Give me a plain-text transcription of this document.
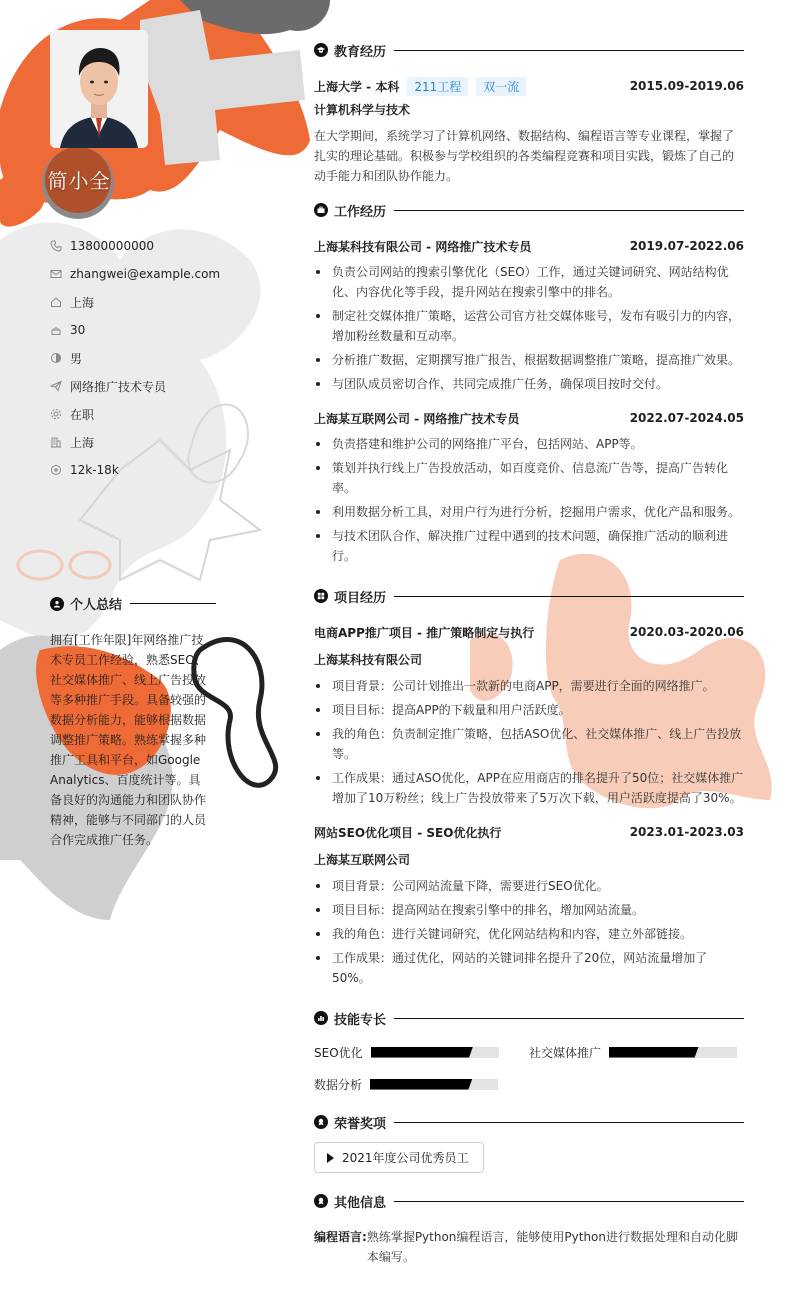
简小全
13800000000
zhangwei@example.com
上海
30
男
网络推广技术专员
在职
上海
12k-18k
个人总结
拥有[工作年限]年网络推广技术专员工作经验，熟悉SEO、社交媒体推广、线上广告投放等多种推广手段。具备较强的数据分析能力，能够根据数据调整推广策略。熟练掌握多种推广工具和平台，如Google Analytics、百度统计等。具备良好的沟通能力和团队协作精神，能够与不同部门的人员合作完成推广任务。
教育经历
上海大学 - 本科	211工程	双一流	2015.09-2019.06
计算机科学与技术
在大学期间，系统学习了计算机网络、数据结构、编程语言等专业课程，掌握了扎实的理论基础。积极参与学校组织的各类编程竞赛和项目实践，锻炼了自己的动手能力和团队协作能力。
工作经历
上海某科技有限公司 - 网络推广技术专员	2019.07-2022.06
负责公司网站的搜索引擎优化（SEO）工作，通过关键词研究、网站结构优化、内容优化等手段，提升网站在搜索引擎中的排名。
制定社交媒体推广策略，运营公司官方社交媒体账号，发布有吸引力的内容，增加粉丝数量和互动率。
分析推广数据，定期撰写推广报告，根据数据调整推广策略，提高推广效果。
与团队成员密切合作，共同完成推广任务，确保项目按时交付。
上海某互联网公司 - 网络推广技术专员	2022.07-2024.05
负责搭建和维护公司的网络推广平台，包括网站、APP等。
策划并执行线上广告投放活动，如百度竞价、信息流广告等，提高广告转化率。
利用数据分析工具，对用户行为进行分析，挖掘用户需求，优化产品和服务。
与技术团队合作，解决推广过程中遇到的技术问题，确保推广活动的顺利进行。
项目经历
电商APP推广项目 - 推广策略制定与执行	2020.03-2020.06
上海某科技有限公司
项目背景：公司计划推出一款新的电商APP，需要进行全面的网络推广。
项目目标：提高APP的下载量和用户活跃度。
我的角色：负责制定推广策略，包括ASO优化、社交媒体推广、线上广告投放等。
工作成果：通过ASO优化，APP在应用商店的排名提升了50位；社交媒体推广增加了10万粉丝；线上广告投放带来了5万次下载，用户活跃度提高了30%。
网站SEO优化项目 - SEO优化执行	2023.01-2023.03
上海某互联网公司
项目背景：公司网站流量下降，需要进行SEO优化。
项目目标：提高网站在搜索引擎中的排名，增加网站流量。
我的角色：进行关键词研究，优化网站结构和内容，建立外部链接。
工作成果：通过优化，网站的关键词排名提升了20位，网站流量增加了50%。
技能专长
SEO优化	社交媒体推广
数据分析
荣誉奖项
2021年度公司优秀员工
其他信息
编程语言: 熟练掌握Python编程语言，能够使用Python进行数据处理和自动化脚本编写。
